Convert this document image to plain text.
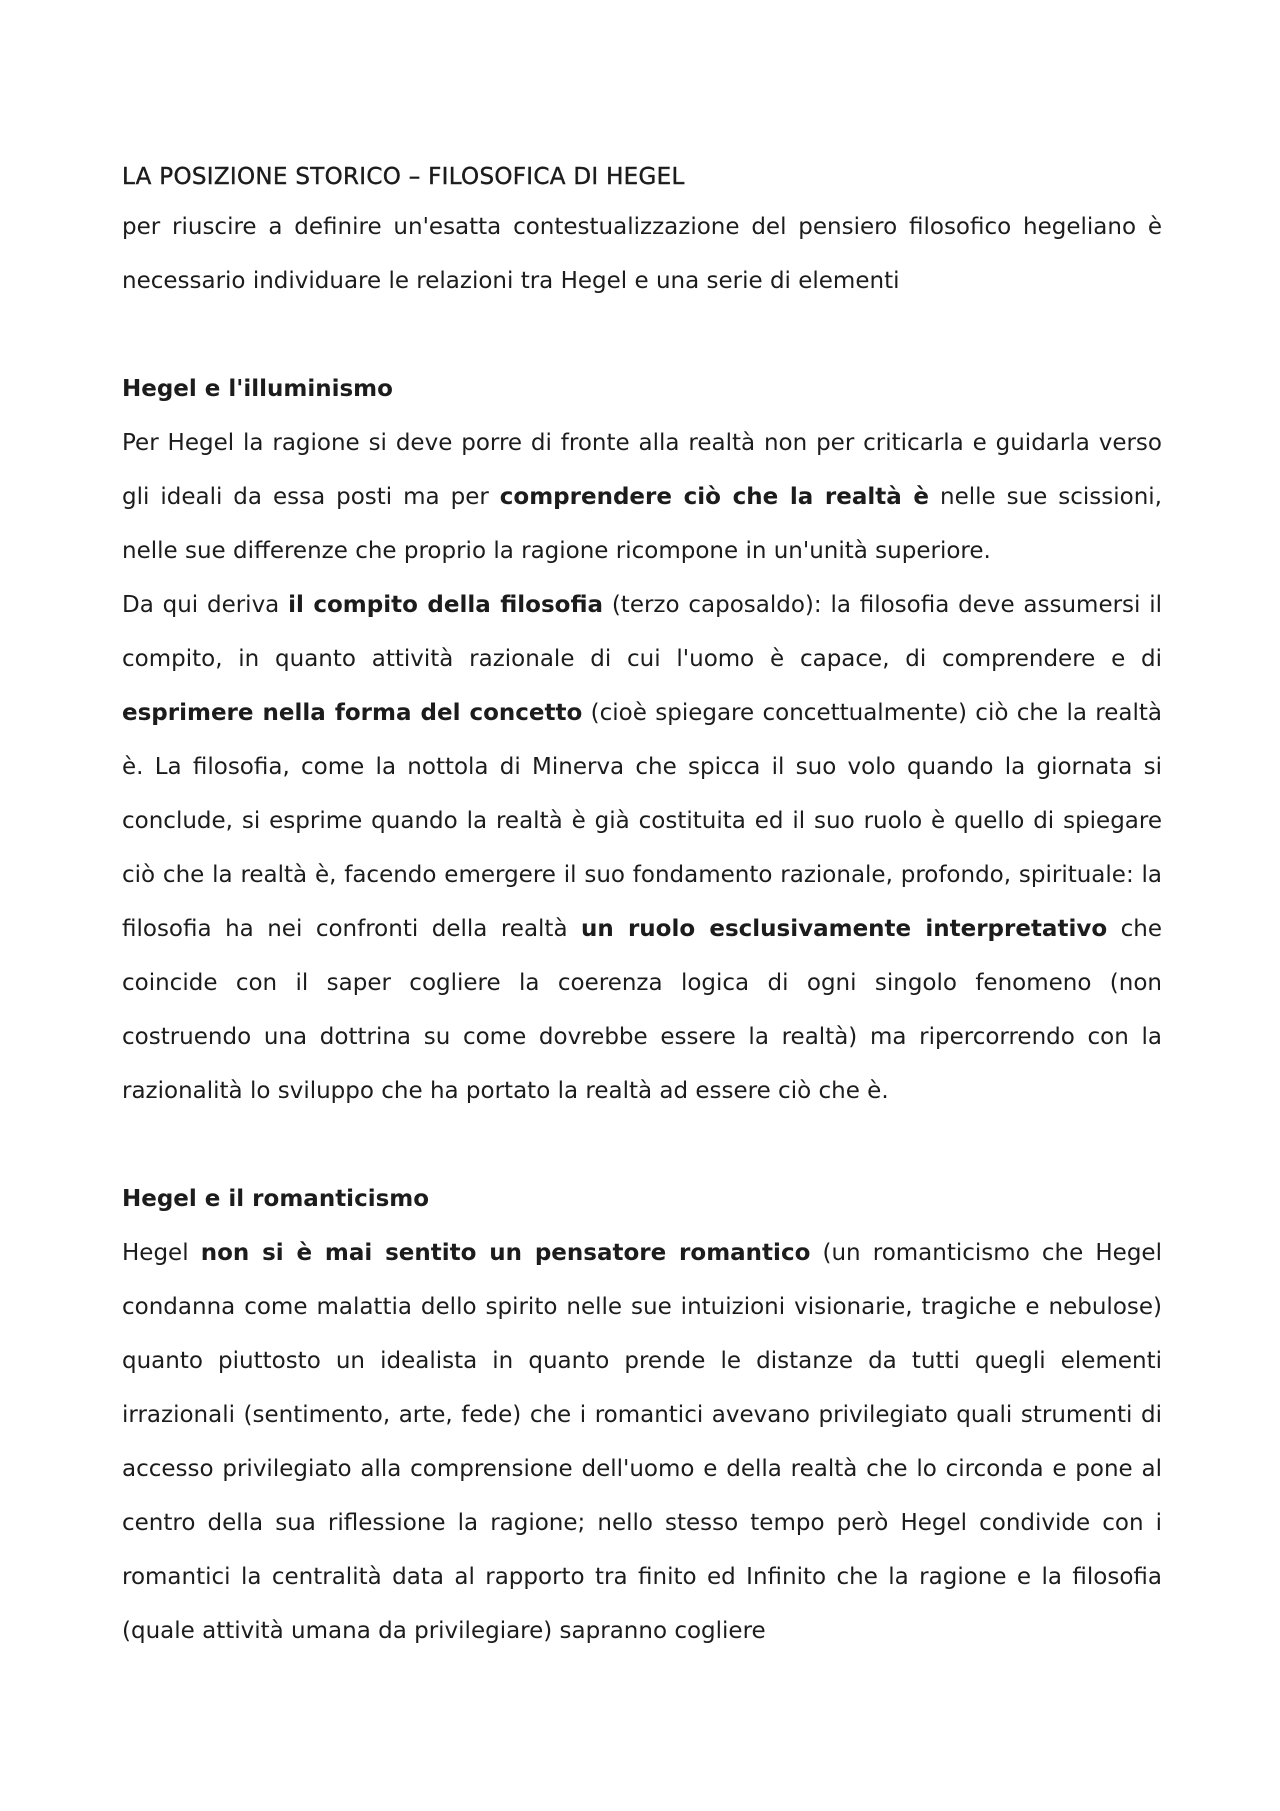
LA POSIZIONE STORICO – FILOSOFICA DI HEGEL

per riuscire a definire un'esatta contestualizzazione del pensiero filosofico hegeliano è necessario individuare le relazioni tra Hegel e una serie di elementi

Hegel e l'illuminismo

Per Hegel la ragione si deve porre di fronte alla realtà non per criticarla e guidarla verso gli ideali da essa posti ma per comprendere ciò che la realtà è nelle sue scissioni, nelle sue differenze che proprio la ragione ricompone in un'unità superiore.

Da qui deriva il compito della filosofia (terzo caposaldo): la filosofia deve assumersi il compito, in quanto attività razionale di cui l'uomo è capace, di comprendere e di esprimere nella forma del concetto (cioè spiegare concettualmente) ciò che la realtà è. La filosofia, come la nottola di Minerva che spicca il suo volo quando la giornata si conclude, si esprime quando la realtà è già costituita ed il suo ruolo è quello di spiegare ciò che la realtà è, facendo emergere il suo fondamento razionale, profondo, spirituale: la filosofia ha nei confronti della realtà un ruolo esclusivamente interpretativo che coincide con il saper cogliere la coerenza logica di ogni singolo fenomeno (non costruendo una dottrina su come dovrebbe essere la realtà) ma ripercorrendo con la razionalità lo sviluppo che ha portato la realtà ad essere ciò che è.

Hegel e il romanticismo

Hegel non si è mai sentito un pensatore romantico (un romanticismo che Hegel condanna come malattia dello spirito nelle sue intuizioni visionarie, tragiche e nebulose) quanto piuttosto un idealista in quanto prende le distanze da tutti quegli elementi irrazionali (sentimento, arte, fede) che i romantici avevano privilegiato quali strumenti di accesso privilegiato alla comprensione dell'uomo e della realtà che lo circonda e pone al centro della sua riflessione la ragione; nello stesso tempo però Hegel condivide con i romantici la centralità data al rapporto tra finito ed Infinito che la ragione e la filosofia (quale attività umana da privilegiare) sapranno cogliere
